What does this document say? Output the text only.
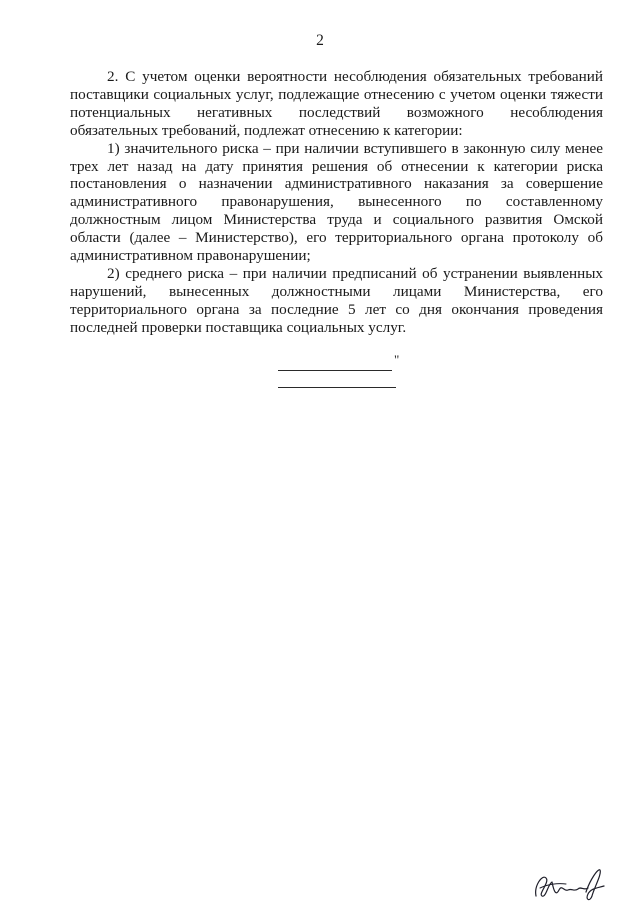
2

2. С учетом оценки вероятности несоблюдения обязательных требований поставщики социальных услуг, подлежащие отнесению с учетом оценки тяжести потенциальных негативных последствий возможного несоблюдения обязательных требований, подлежат отнесению к категории:

1) значительного риска – при наличии вступившего в законную силу менее трех лет назад на дату принятия решения об отнесении к категории риска постановления о назначении административного наказания за совершение административного правонарушения, вынесенного по составленному должностным лицом Министерства труда и социального развития Омской области (далее – Министерство), его территориального органа протоколу об административном правонарушении;

2) среднего риска – при наличии предписаний об устранении выявленных нарушений, вынесенных должностными лицами Министерства, его территориального органа за последние 5 лет со дня окончания проведения последней проверки поставщика социальных услуг.

"
